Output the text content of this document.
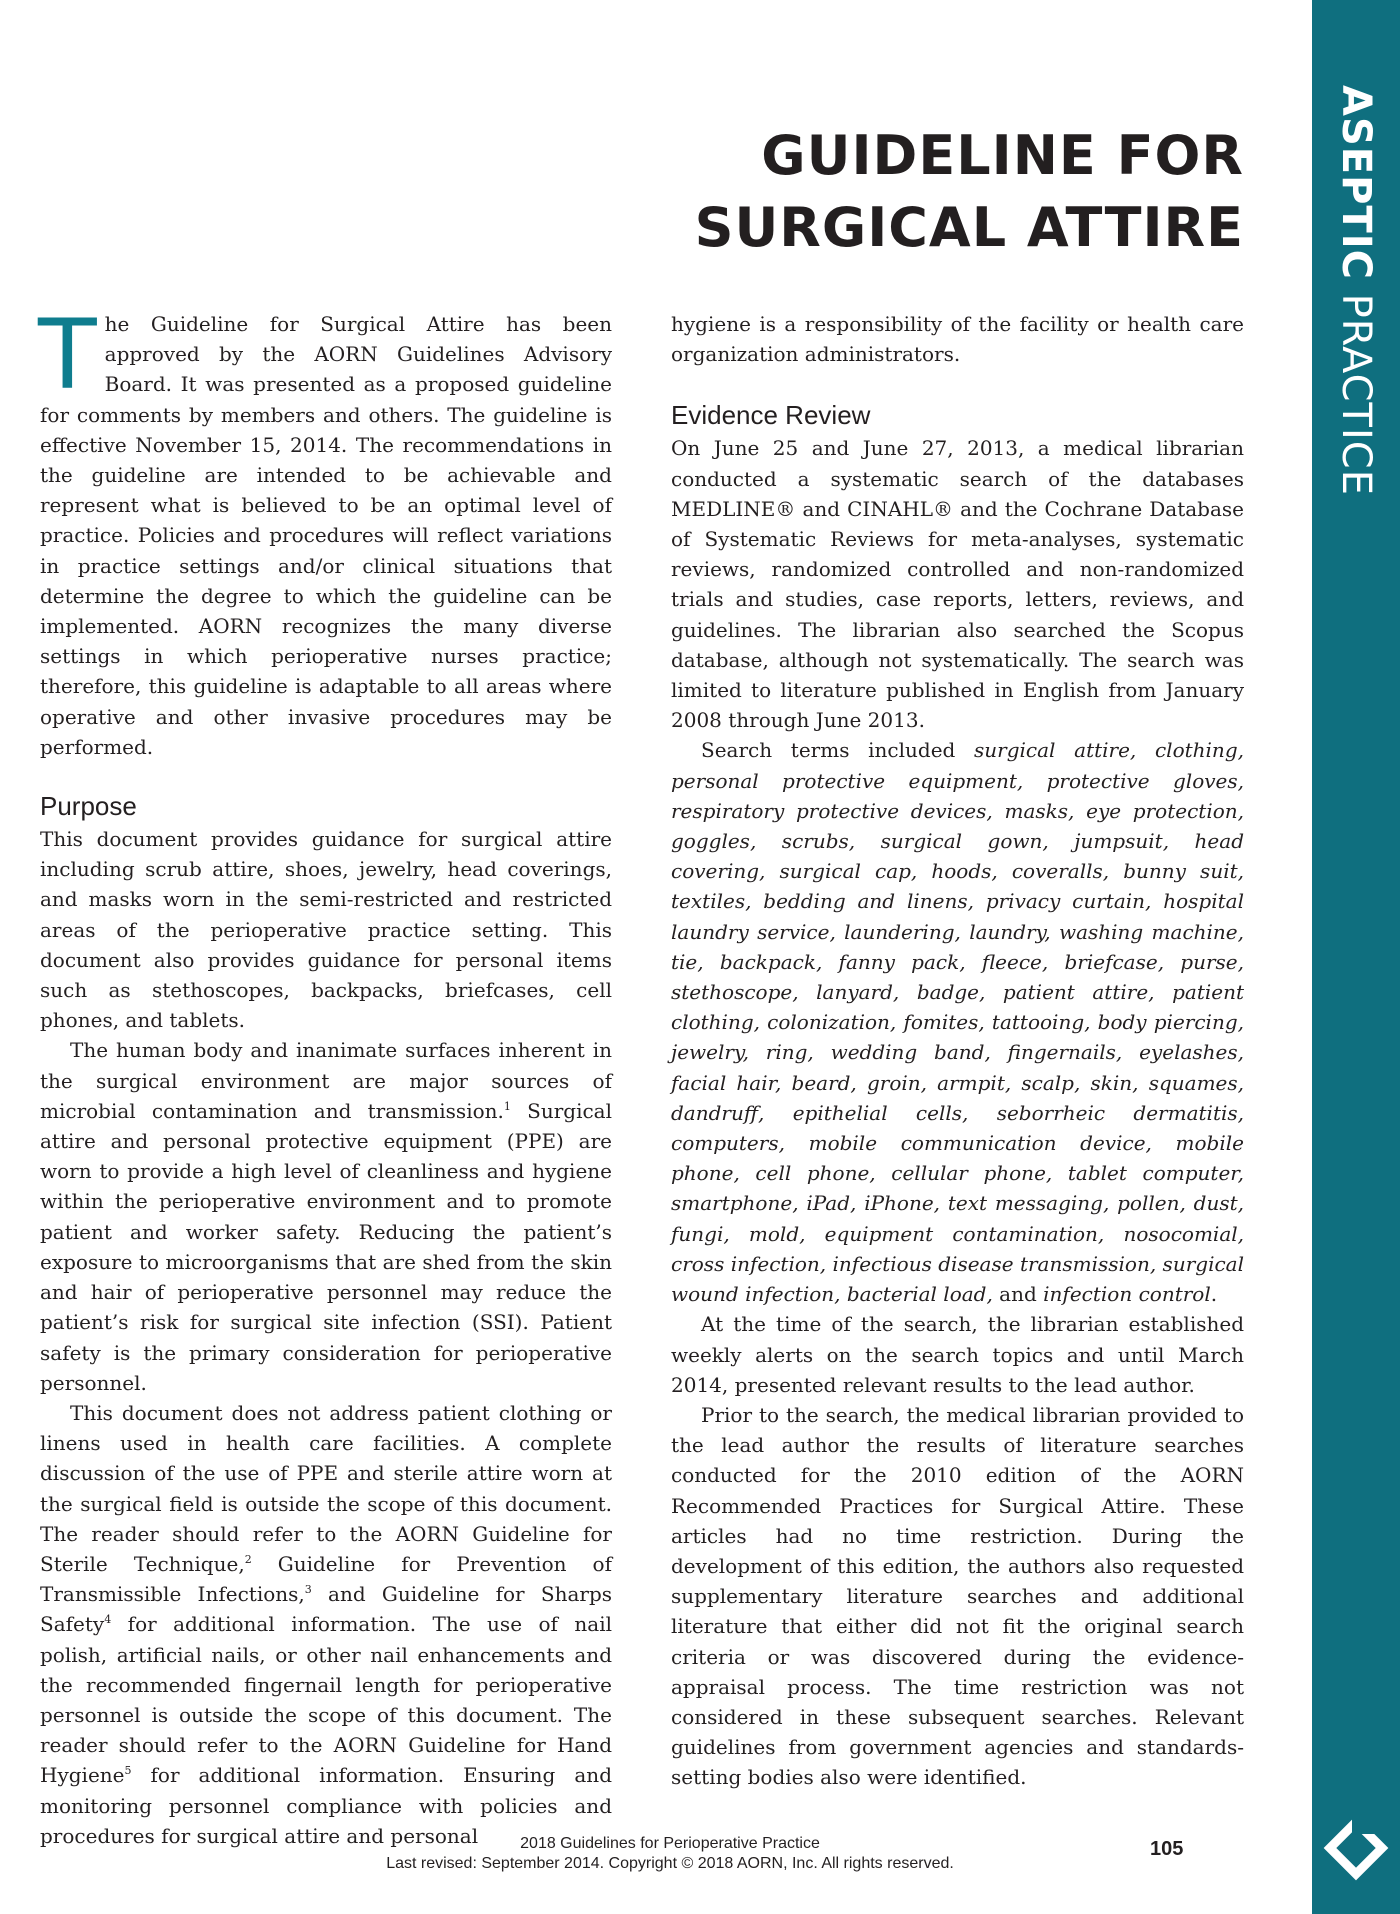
ASEPTIC PRACTICE
GUIDELINE FOR
SURGICAL ATTIRE

The Guideline for Surgical Attire has been approved by the AORN Guidelines Advisory Board. It was presented as a proposed guideline for comments by members and others. The guideline is effective November 15, 2014. The recommendations in the guideline are intended to be achievable and represent what is believed to be an optimal level of practice. Policies and procedures will reflect variations in practice settings and/or clinical situations that determine the degree to which the guideline can be implemented. AORN recognizes the many diverse settings in which perioperative nurses practice; therefore, this guideline is adaptable to all areas where operative and other invasive procedures may be performed.

Purpose

This document provides guidance for surgical attire including scrub attire, shoes, jewelry, head coverings, and masks worn in the semi-restricted and restricted areas of the perioperative practice setting. This document also provides guidance for personal items such as stethoscopes, backpacks, briefcases, cell phones, and tablets.

The human body and inanimate surfaces inherent in the surgical environment are major sources of microbial contamination and transmission.$^1$ Surgical attire and personal protective equipment (PPE) are worn to provide a high level of cleanliness and hygiene within the perioperative environment and to promote patient and worker safety. Reducing the patient’s exposure to microorganisms that are shed from the skin and hair of perioperative personnel may reduce the patient’s risk for surgical site infection (SSI). Patient safety is the primary consideration for perioperative personnel.

This document does not address patient clothing or linens used in health care facilities. A complete discussion of the use of PPE and sterile attire worn at the surgical field is outside the scope of this document. The reader should refer to the AORN Guideline for Sterile Technique,$^2$ Guideline for Prevention of Transmissible Infections,$^3$ and Guideline for Sharps Safety$^4$ for additional information. The use of nail polish, artificial nails, or other nail enhancements and the recommended fingernail length for perioperative personnel is outside the scope of this document. The reader should refer to the AORN Guideline for Hand Hygiene$^5$ for additional information. Ensuring and monitoring personnel compliance with policies and procedures for surgical attire and personal

hygiene is a responsibility of the facility or health care organization administrators.

Evidence Review

On June 25 and June 27, 2013, a medical librarian conducted a systematic search of the databases MEDLINE® and CINAHL® and the Cochrane Database of Systematic Reviews for meta-analyses, systematic reviews, randomized controlled and non-randomized trials and studies, case reports, letters, reviews, and guidelines. The librarian also searched the Scopus database, although not systematically. The search was limited to literature published in English from January 2008 through June 2013.

Search terms included surgical attire, clothing, personal protective equipment, protective gloves, respiratory protective devices, masks, eye protection, goggles, scrubs, surgical gown, jumpsuit, head covering, surgical cap, hoods, coveralls, bunny suit, textiles, bedding and linens, privacy curtain, hospital laundry service, laundering, laundry, washing machine, tie, backpack, fanny pack, fleece, briefcase, purse, stethoscope, lanyard, badge, patient attire, patient clothing, colonization, fomites, tattooing, body piercing, jewelry, ring, wedding band, fingernails, eyelashes, facial hair, beard, groin, armpit, scalp, skin, squames, dandruff, epithelial cells, seborrheic dermatitis, computers, mobile communication device, mobile phone, cell phone, cellular phone, tablet computer, smartphone, iPad, iPhone, text messaging, pollen, dust, fungi, mold, equipment contamination, nosocomial, cross infection, infectious disease transmission, surgical wound infection, bacterial load, and infection control.

At the time of the search, the librarian established weekly alerts on the search topics and until March 2014, presented relevant results to the lead author.

Prior to the search, the medical librarian provided to the lead author the results of literature searches conducted for the 2010 edition of the AORN Recommended Practices for Surgical Attire. These articles had no time restriction. During the development of this edition, the authors also requested supplementary literature searches and additional literature that either did not fit the original search criteria or was discovered during the evidence-appraisal process. The time restriction was not considered in these subsequent searches. Relevant guidelines from government agencies and standards-setting bodies also were identified.

2018 Guidelines for Perioperative Practice
Last revised: September 2014. Copyright © 2018 AORN, Inc. All rights reserved.
105
